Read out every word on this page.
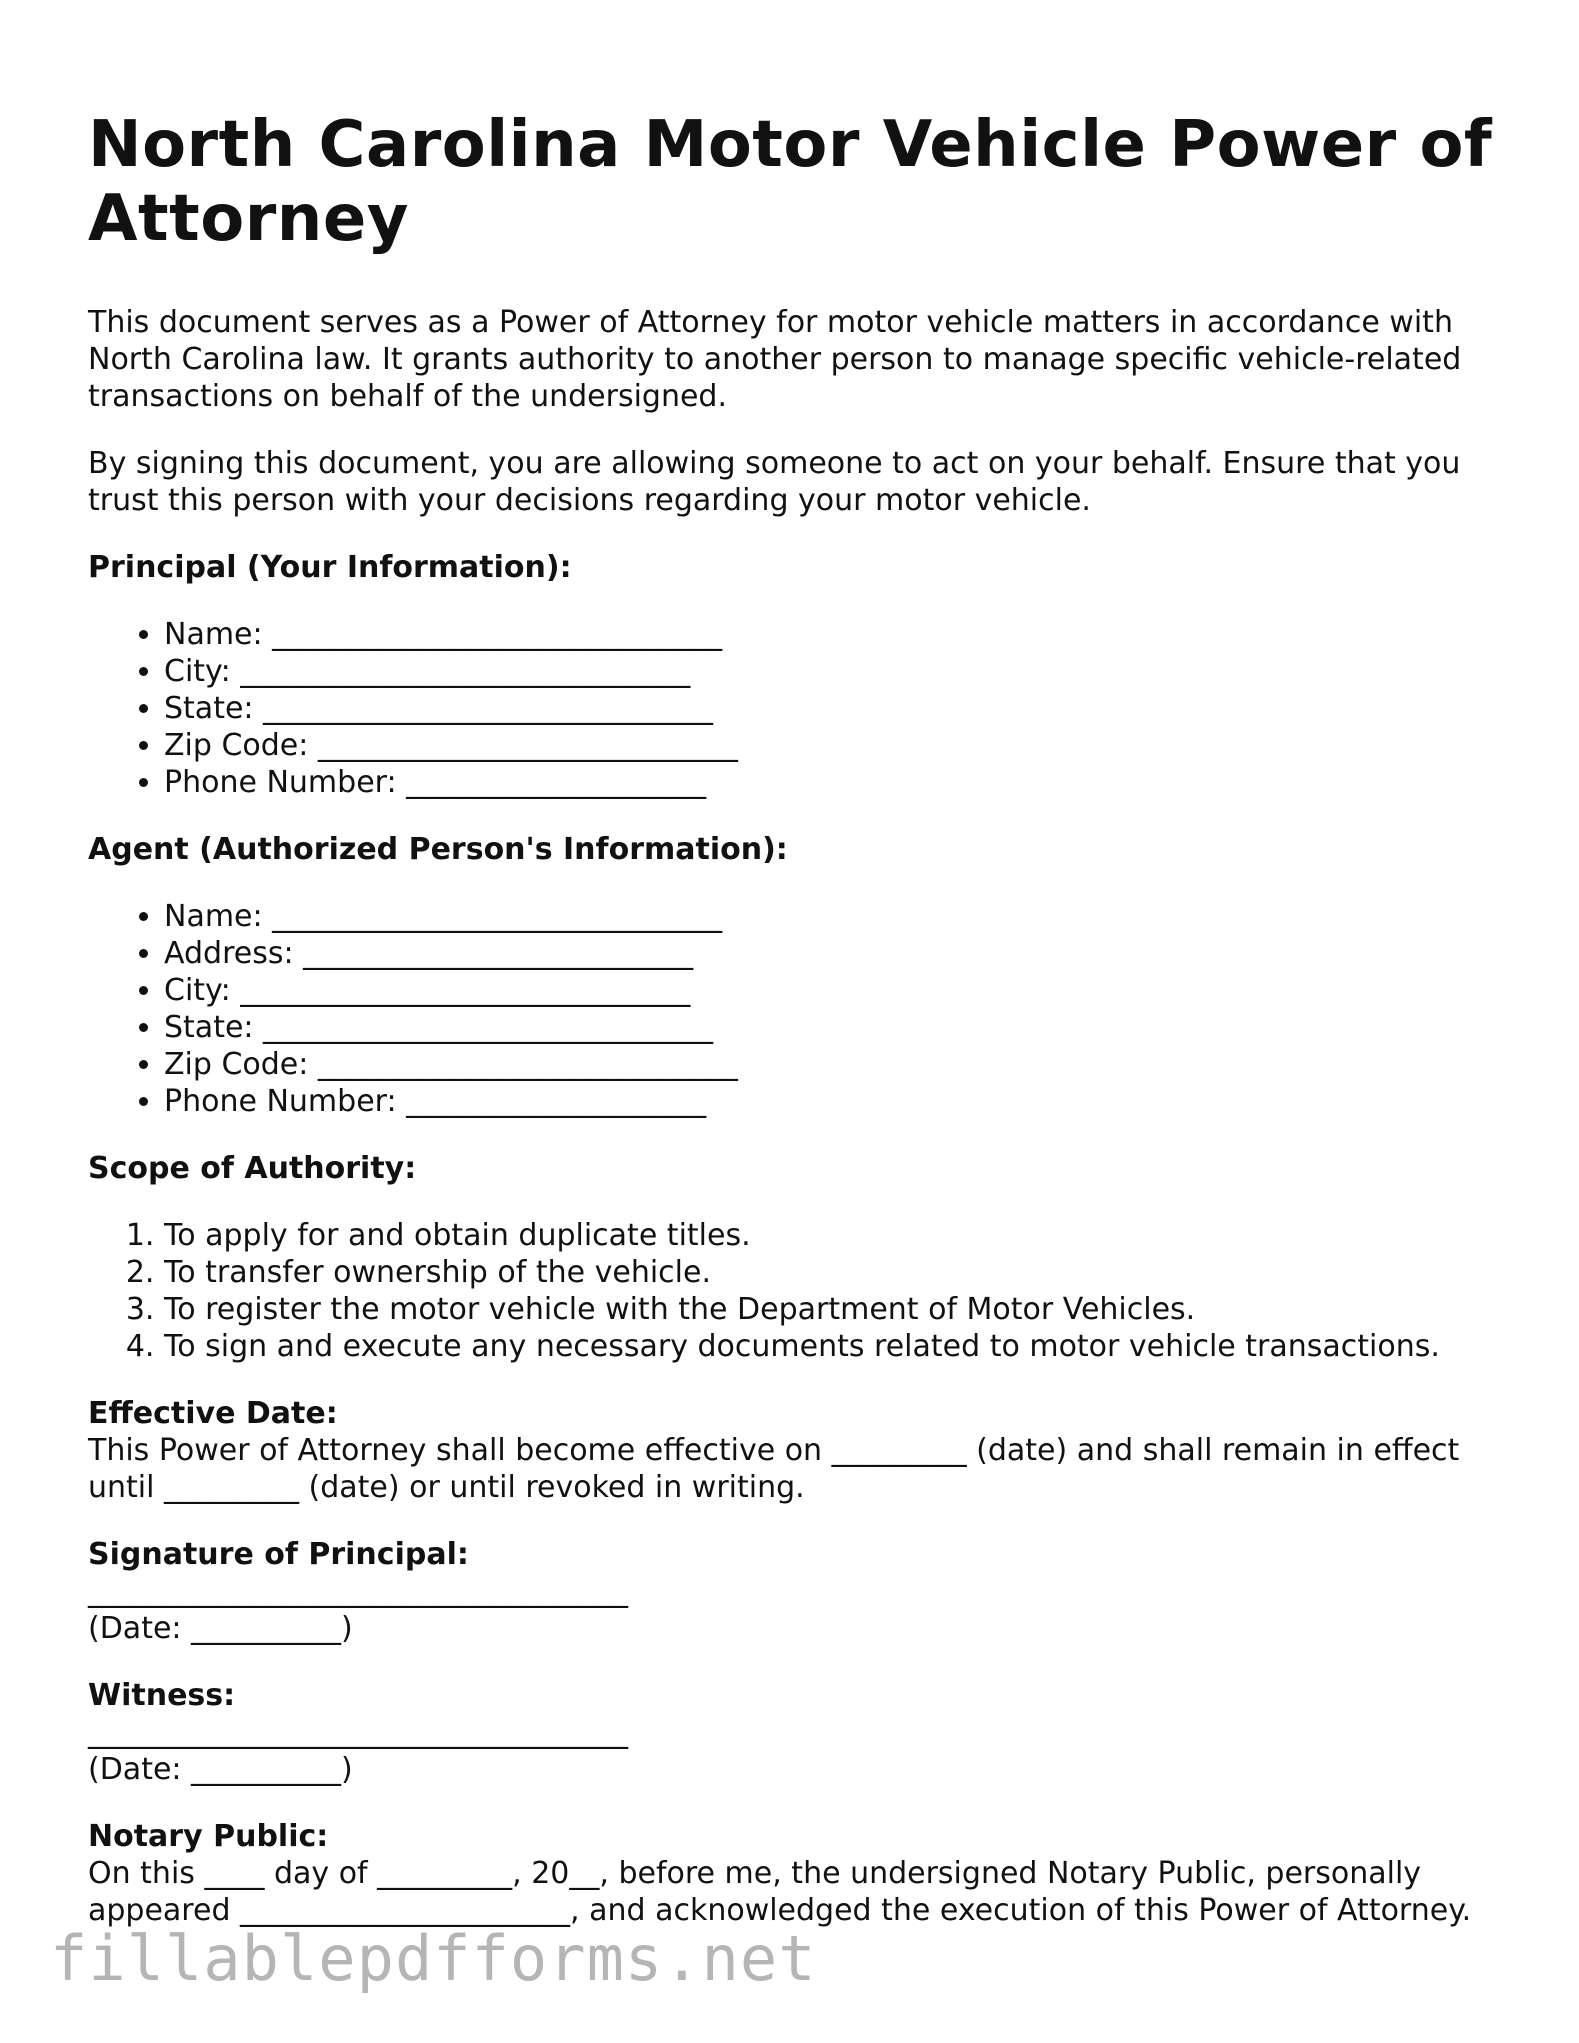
North Carolina Motor Vehicle Power of Attorney

This document serves as a Power of Attorney for motor vehicle matters in accordance with North Carolina law. It grants authority to another person to manage specific vehicle-related transactions on behalf of the undersigned.

By signing this document, you are allowing someone to act on your behalf. Ensure that you trust this person with your decisions regarding your motor vehicle.

Principal (Your Information):
• Name: ______________________________
• City: ______________________________
• State: ______________________________
• Zip Code: ____________________________
• Phone Number: ____________________
Agent (Authorized Person's Information):
• Name: ______________________________
• Address: __________________________
• City: ______________________________
• State: ______________________________
• Zip Code: ____________________________
• Phone Number: ____________________
Scope of Authority:
1. To apply for and obtain duplicate titles.
2. To transfer ownership of the vehicle.
3. To register the motor vehicle with the Department of Motor Vehicles.
4. To sign and execute any necessary documents related to motor vehicle transactions.
Effective Date:
This Power of Attorney shall become effective on _________ (date) and shall remain in effect until _________ (date) or until revoked in writing.
Signature of Principal:
____________________________________
(Date: __________)
Witness:
____________________________________
(Date: __________)
Notary Public:
On this ____ day of _________, 20__, before me, the undersigned Notary Public, personally appeared ______________________, and acknowledged the execution of this Power of Attorney.
fillablepdfforms.net
